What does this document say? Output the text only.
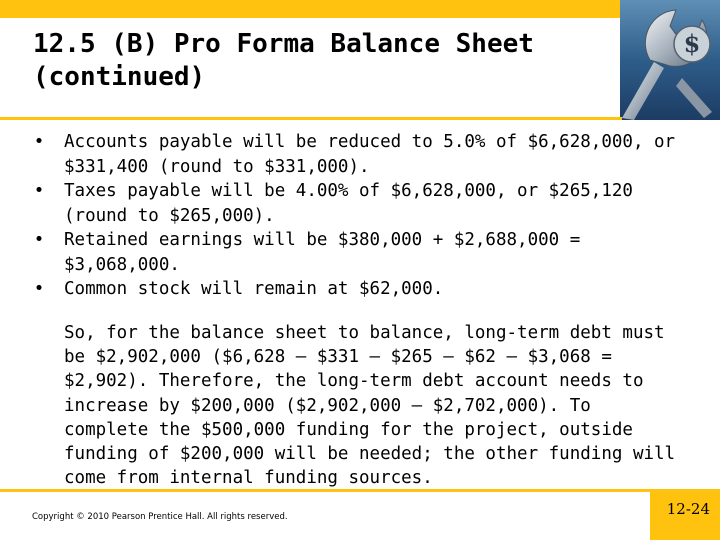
12.5 (B) Pro Forma Balance Sheet
(continued)
$
• Accounts payable will be reduced to 5.0% of $6,628,000, or
$331,400 (round to $331,000).
• Taxes payable will be 4.00% of $6,628,000, or $265,120
(round to $265,000).
• Retained earnings will be $380,000 + $2,688,000 =
$3,068,000.
• Common stock will remain at $62,000.

So, for the balance sheet to balance, long-term debt must
be $2,902,000 ($6,628 – $331 – $265 – $62 – $3,068 =
$2,902). Therefore, the long-term debt account needs to
increase by $200,000 ($2,902,000 – $2,702,000). To
complete the $500,000 funding for the project, outside
funding of $200,000 will be needed; the other funding will
come from internal funding sources.

Copyright © 2010 Pearson Prentice Hall. All rights reserved.	12-24
